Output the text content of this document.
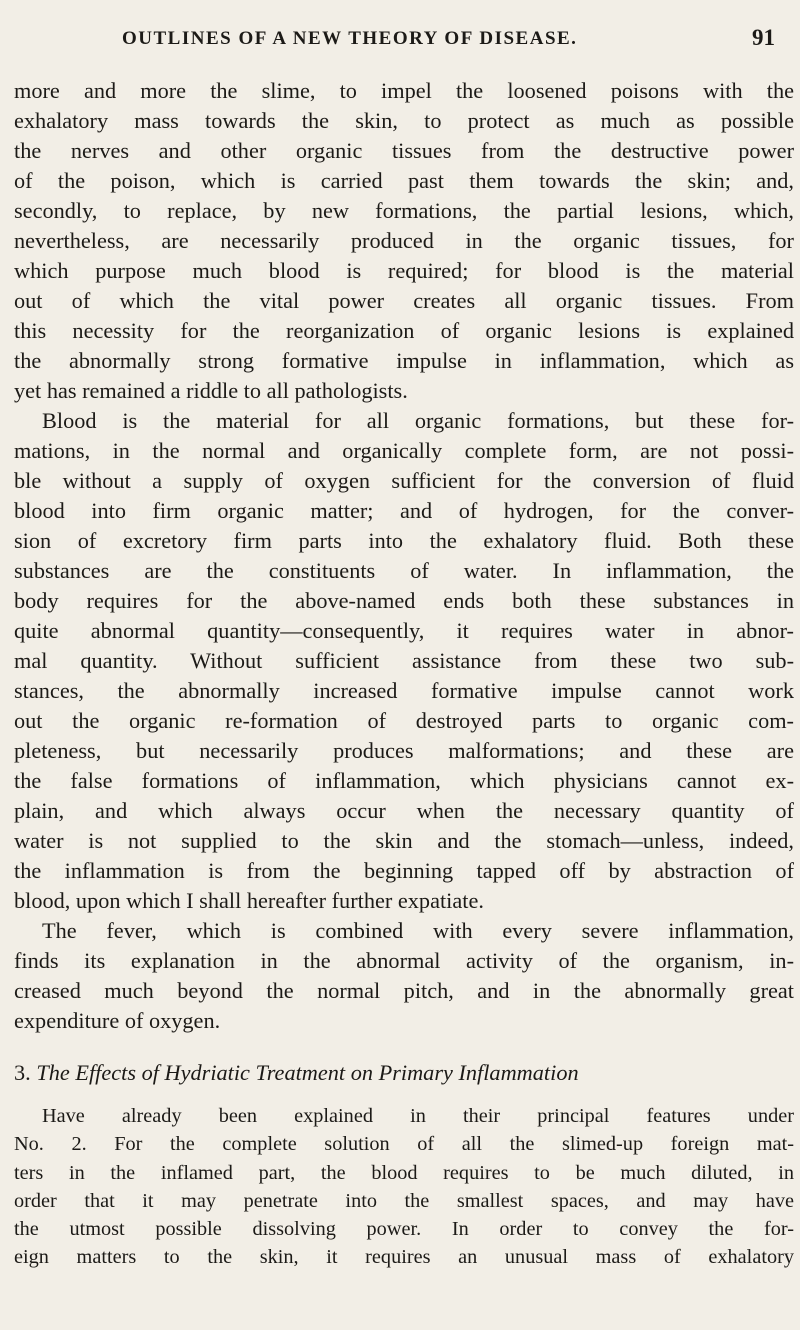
OUTLINES OF A NEW THEORY OF DISEASE.	91
more and more the slime, to impel the loosened poisons with the
exhalatory mass towards the skin, to protect as much as possible
the nerves and other organic tissues from the destructive power
of the poison, which is carried past them towards the skin; and,
secondly, to replace, by new formations, the partial lesions, which,
nevertheless, are necessarily produced in the organic tissues, for
which purpose much blood is required; for blood is the material
out of which the vital power creates all organic tissues. From
this necessity for the reorganization of organic lesions is explained
the abnormally strong formative impulse in inflammation, which as
yet has remained a riddle to all pathologists.
Blood is the material for all organic formations, but these for-
mations, in the normal and organically complete form, are not possi-
ble without a supply of oxygen sufficient for the conversion of fluid
blood into firm organic matter; and of hydrogen, for the conver-
sion of excretory firm parts into the exhalatory fluid. Both these
substances are the constituents of water. In inflammation, the
body requires for the above-named ends both these substances in
quite abnormal quantity—consequently, it requires water in abnor-
mal quantity. Without sufficient assistance from these two sub-
stances, the abnormally increased formative impulse cannot work
out the organic re-formation of destroyed parts to organic com-
pleteness, but necessarily produces malformations; and these are
the false formations of inflammation, which physicians cannot ex-
plain, and which always occur when the necessary quantity of
water is not supplied to the skin and the stomach—unless, indeed,
the inflammation is from the beginning tapped off by abstraction of
blood, upon which I shall hereafter further expatiate.
The fever, which is combined with every severe inflammation,
finds its explanation in the abnormal activity of the organism, in-
creased much beyond the normal pitch, and in the abnormally great
expenditure of oxygen.
3. The Effects of Hydriatic Treatment on Primary Inflammation
Have already been explained in their principal features under
No. 2. For the complete solution of all the slimed-up foreign mat-
ters in the inflamed part, the blood requires to be much diluted, in
order that it may penetrate into the smallest spaces, and may have
the utmost possible dissolving power. In order to convey the for-
eign matters to the skin, it requires an unusual mass of exhalatory
